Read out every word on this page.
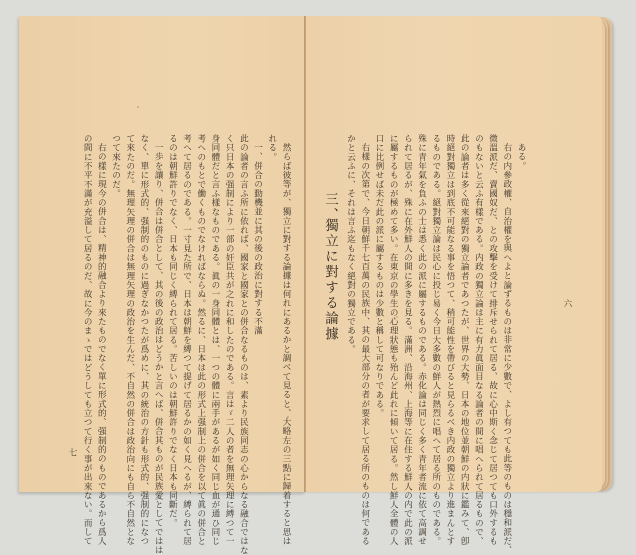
然らば彼等が、獨立に對する論據は何れにあるかと調べて見ると、大略左の三點に歸着すると思は
れる。
一、併合の動機並に其の後の政治に對する不滿
此の論者の言ふ所に依れば、國家と國家との併合なるものは、素より民族同志の心からなる融合ではな
く只日本の强制により一部の奸臣共が之れに和したのである。言はゞ二人の者を無理矢理に縛つて一
身同體だと言ふ樣なものである。眞の一身同體とは、一つの體に兩手があるが如く同じ血が通ひ同じ
考へのもとで働くものでなければならぬ。然るに、日本は此の形式上强制上の併合を以て眞の併合と
考へて居るのである。一寸見た所で、日本は朝鮮を縛つて提げて居るかの如く見へるが、縛られて居
るのは朝鮮許りでなく、日本も同じく縛られて居る。苦しいのは朝鮮許りでなく日本も同斷だ。
一歩を讓り、併合は併合として、其の後の政治はどうかと言へば、併合其ものが民族愛としてではは
なく、單に形式的、强制的のものに過ぎなかつたが爲めに、其の統治の方針も形式的、强制的になつ
て來たのだ。無理矢理の併合は無理矢理の政治を生んだ、不自然の併合は政治向にも自ら不自然とな
つて來たのだ。
右の樣に現今の併合は、精神的融合より來たものでなく單に形式的、强制的のものであるから爲人
の間に不平不滿が充溢して居るのだ、故に今のまゝではどうしても立つて行く事が出來ない。而して
七
ある。
右の内參政權、自治權を與へよと論ずるものは非常に少數で、よし有つても此等のものは穩和派だ、
微溫派だ、賣國奴だ、との攻擊を受けて排斥せられて居る、故に心中斯く念じて居つても口外するも
のもないと云ふ有樣である。内政の獨立論は主に有力眞面目なる論者の間に唱へられて居るもので、
此の論者は多く從來絕對の獨立論者であつたが、世界の大勢、日本の地位並朝鮮の内狀に鑑みて、卽
時絕對獨立は到底不可能なる事を悟つて、稍可能性を帶びると見らるべき内政の獨立より進まんとす
るものである。絕對獨立論は民心に投じ易く今日大多數の鮮人が熱烈に唱へて居る所のものである。
殊に青年氣を負ふの士は悉く此の派に屬するものである。赤化論は同じく多く青年者流に依て高調せ
られて居るが、殊に在外鮮人の間に多きを見る。滿洲、沿海州、上海等に在住する鮮人の内で此の派
に屬するものが極めて多い。在東京の學生の心理狀態も殆んど此れに傾いて居る。然し鮮人全體の人
口に比例せば未だ此の派に屬するものは少數と稱して可なりである。
右樣の次第で、今日朝鮮千七百萬の民族中、其の最大部分の者が要求して居る所のものは何である
かと云ふに、それは言ふ迄もなく絕對の獨立である。
三、
獨立に對する論據	六
